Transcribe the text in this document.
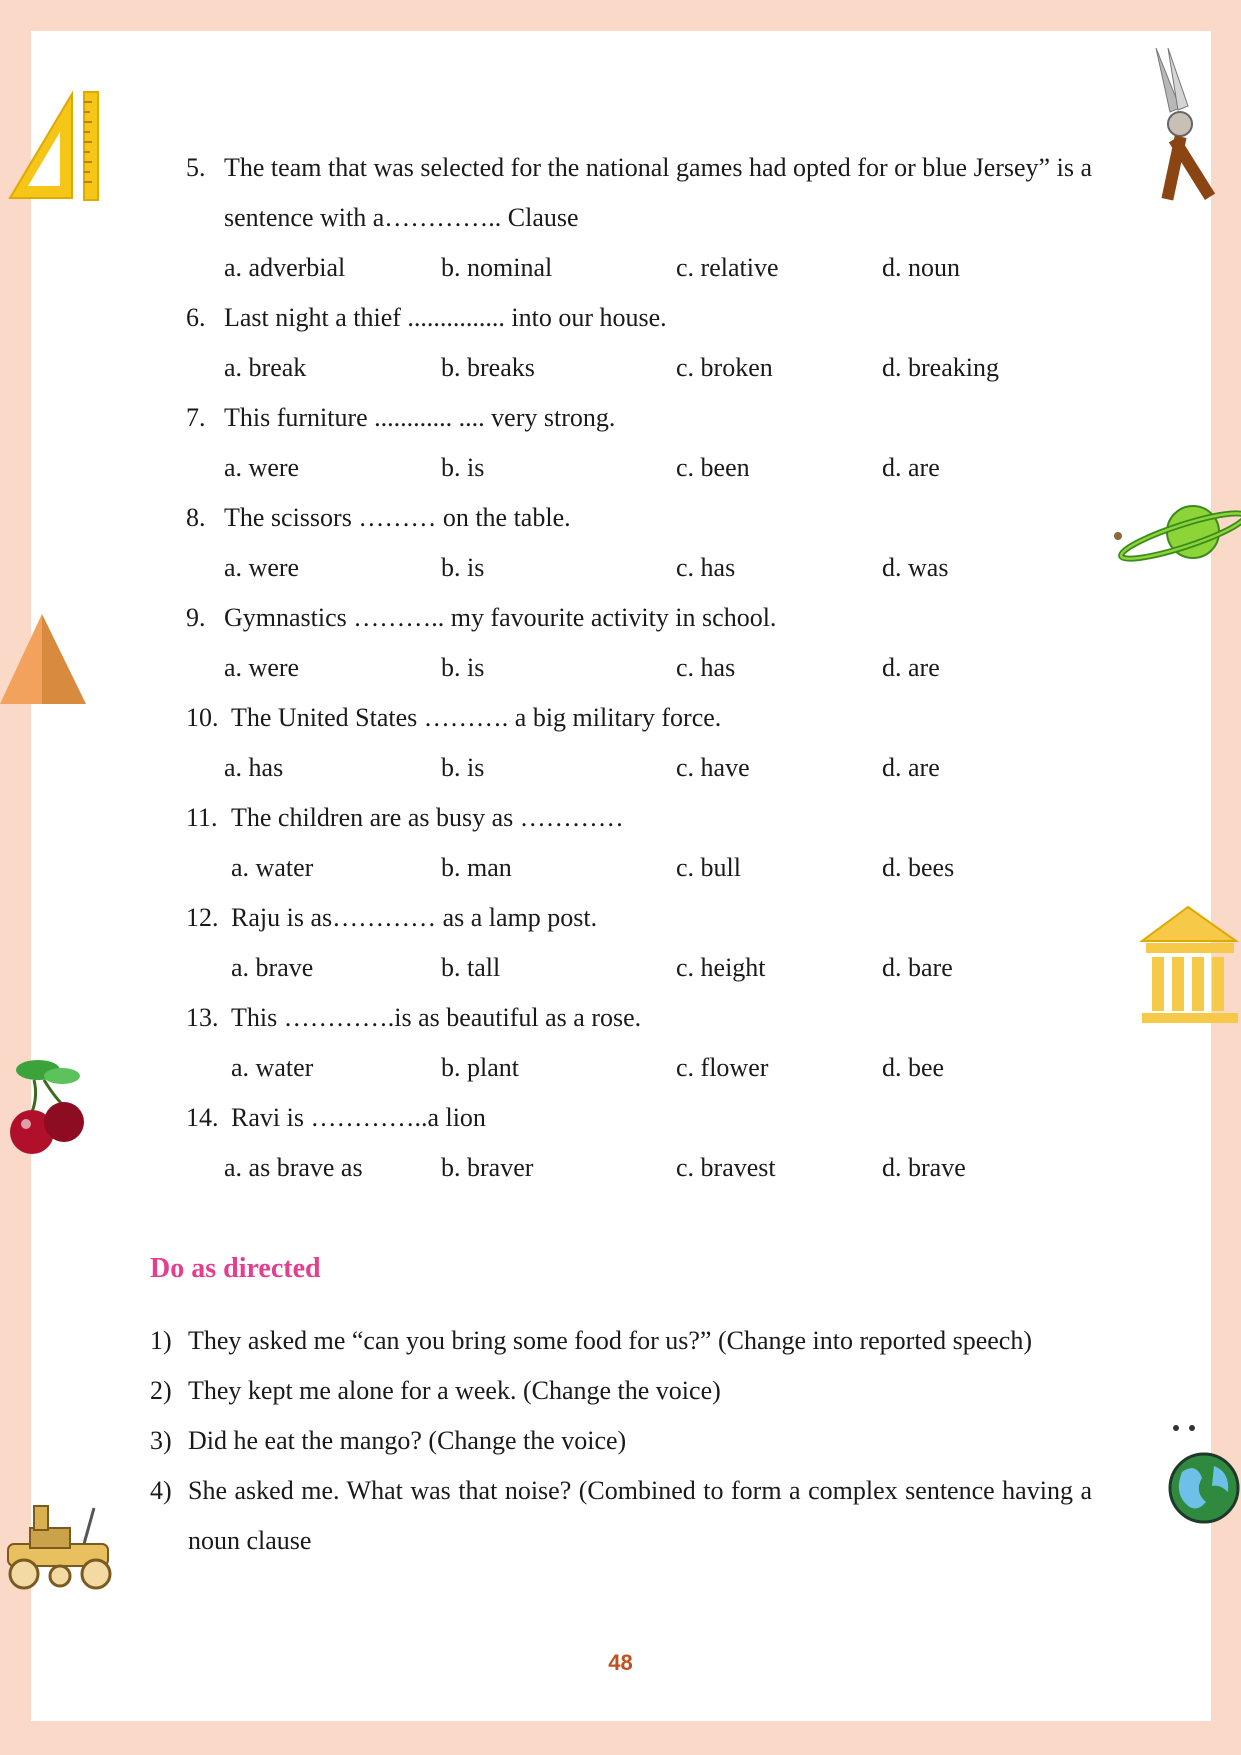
5. The team that was selected for the national games had opted for or blue Jersey” is a sentence with a………….. Clause
a. adverbial	b. nominal	c. relative	d. noun
6. Last night a thief ............... into our house.
a. break	b. breaks	c. broken	d. breaking
7. This furniture ............ .... very strong.
a. were	b. is	c. been	d. are
8. The scissors ……… on the table.
a. were	b. is	c. has	d. was
9. Gymnastics ……….. my favourite activity in school.
a. were	b. is	c. has	d. are
10. The United States ………. a big military force.
a. has	b. is	c. have	d. are
11. The children are as busy as …………
a. water	b. man	c. bull	d. bees
12. Raju is as………… as a lamp post.
a. brave	b. tall	c. height	d. bare
13. This ………….is as beautiful as a rose.
a. water	b. plant	c. flower	d. bee
14. Ravi is …………..a lion
a. as brave as	b. braver	c. bravest	d. brave
Do as directed
1) They asked me “can you bring some food for us?” (Change into reported speech)
2) They kept me alone for a week. (Change the voice)
3) Did he eat the mango? (Change the voice)
4) She asked me. What was that noise? (Combined to form a complex sentence having a noun clause
48
